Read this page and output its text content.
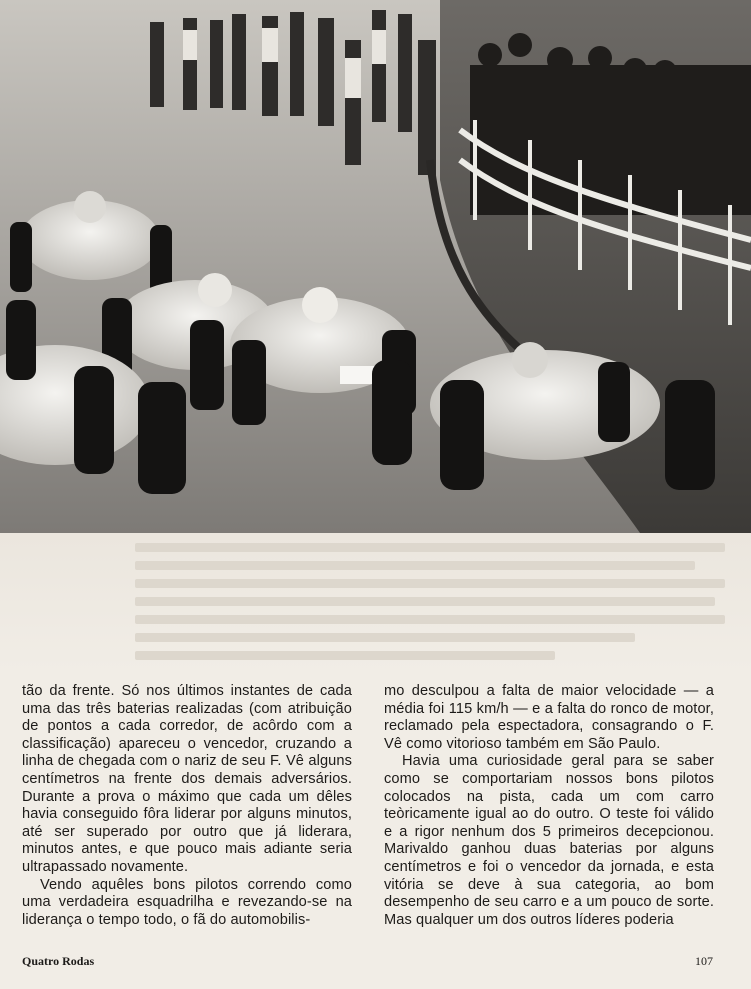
tão da frente. Só nos últimos instantes de cada uma das três baterias realizadas (com atribuição de pontos a cada corredor, de acôrdo com a classificação) apareceu o vencedor, cruzando a linha de chegada com o nariz de seu F. Vê alguns centímetros na frente dos demais adversários. Durante a prova o máximo que cada um dêles havia conseguido fôra liderar por alguns minutos, até ser superado por outro que já liderara, minutos antes, e que pouco mais adiante seria ultrapassado novamente.

Vendo aquêles bons pilotos correndo como uma verdadeira esquadrilha e revezando-se na liderança o tempo todo, o fã do automobilis-

mo desculpou a falta de maior velocidade — a média foi 115 km/h — e a falta do ronco de motor, reclamado pela espectadora, consagrando o F. Vê como vitorioso também em São Paulo.

Havia uma curiosidade geral para se saber como se comportariam nossos bons pilotos colocados na pista, cada um com carro teòricamente igual ao do outro. O teste foi válido e a rigor nenhum dos 5 primeiros decepcionou. Marivaldo ganhou duas baterias por alguns centímetros e foi o vencedor da jornada, e esta vitória se deve à sua categoria, ao bom desempenho de seu carro e a um pouco de sorte. Mas qualquer um dos outros líderes poderia

Quatro Rodas	107
